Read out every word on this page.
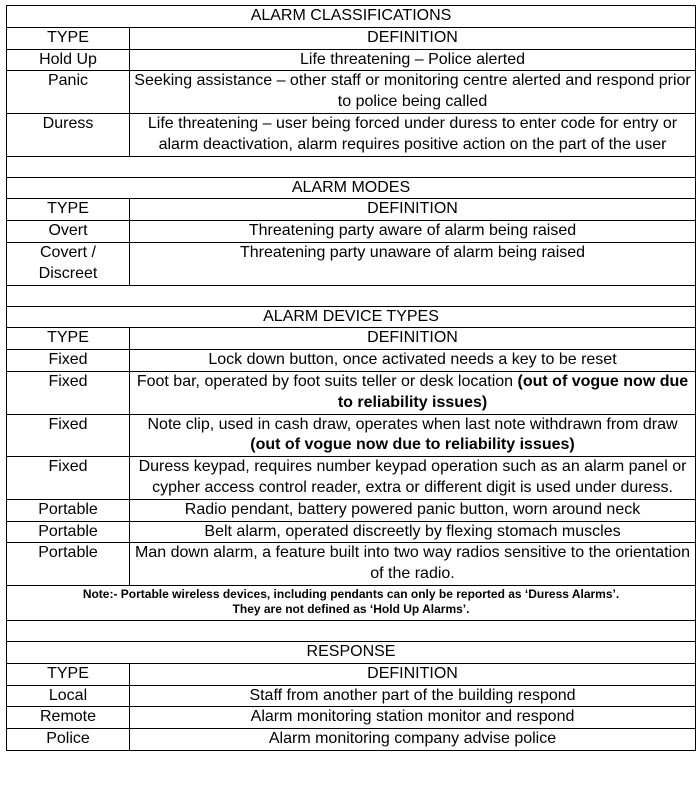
ALARM CLASSIFICATIONS	
TYPE	DEFINITION
Hold Up	Life threatening – Police alerted
Panic	Seeking assistance – other staff or monitoring centre alerted and respond prior to police being called
Duress	Life threatening – user being forced under duress to enter code for entry or alarm deactivation, alarm requires positive action on the part of the user

ALARM MODES	
TYPE	DEFINITION
Overt	Threatening party aware of alarm being raised
Covert / Discreet	Threatening party unaware of alarm being raised

ALARM DEVICE TYPES	
TYPE	DEFINITION
Fixed	Lock down button, once activated needs a key to be reset
Fixed	Foot bar, operated by foot suits teller or desk location (out of vogue now due to reliability issues)
Fixed	Note clip, used in cash draw, operates when last note withdrawn from draw (out of vogue now due to reliability issues)
Fixed	Duress keypad, requires number keypad operation such as an alarm panel or cypher access control reader, extra or different digit is used under duress.
Portable	Radio pendant, battery powered panic button, worn around neck
Portable	Belt alarm, operated discreetly by flexing stomach muscles
Portable	Man down alarm, a feature built into two way radios sensitive to the orientation of the radio.

Note:- Portable wireless devices, including pendants can only be reported as ‘Duress Alarms’.
They are not defined as ‘Hold Up Alarms’.	

RESPONSE	
TYPE	DEFINITION
Local	Staff from another part of the building respond
Remote	Alarm monitoring station monitor and respond
Police	Alarm monitoring company advise police
